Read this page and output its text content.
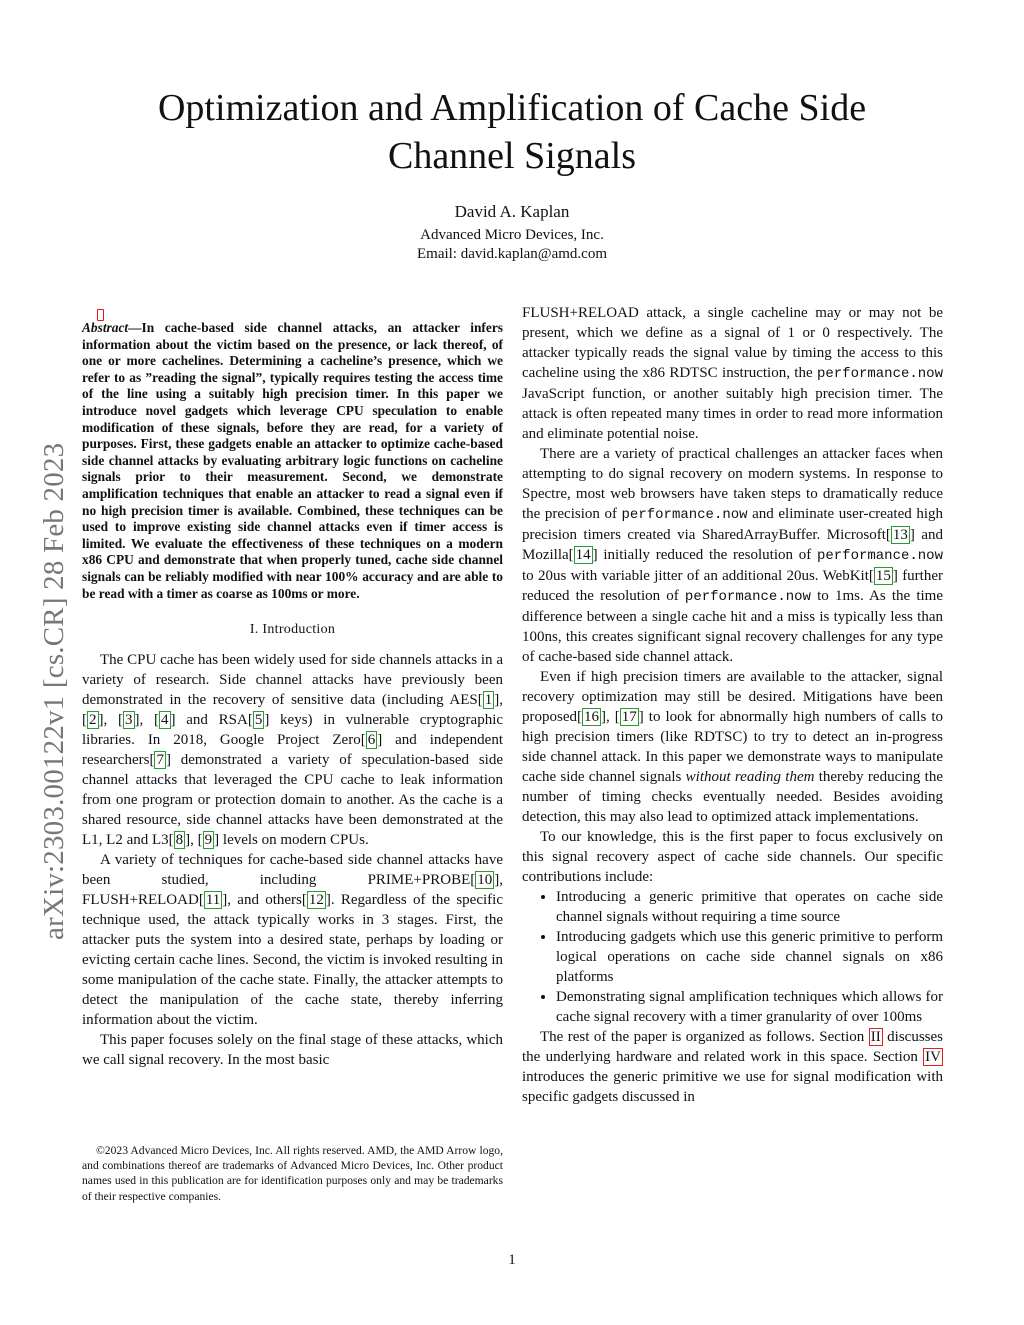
Optimization and Amplification of Cache Side
Channel Signals
David A. Kaplan
Advanced Micro Devices, Inc.
Email: david.kaplan@amd.com
arXiv:2303.00122v1 [cs.CR] 28 Feb 2023

Abstract—In cache-based side channel attacks, an attacker infers information about the victim based on the presence, or lack thereof, of one or more cachelines. Determining a cacheline’s presence, which we refer to as ”reading the signal”, typically requires testing the access time of the line using a suitably high precision timer. In this paper we introduce novel gadgets which leverage CPU speculation to enable modification of these signals, before they are read, for a variety of purposes. First, these gadgets enable an attacker to optimize cache-based side channel attacks by evaluating arbitrary logic functions on cacheline signals prior to their measurement. Second, we demonstrate amplification techniques that enable an attacker to read a signal even if no high precision timer is available. Combined, these techniques can be used to improve existing side channel attacks even if timer access is limited. We evaluate the effectiveness of these techniques on a modern x86 CPU and demonstrate that when properly tuned, cache side channel signals can be reliably modified with near 100% accuracy and are able to be read with a timer as coarse as 100ms or more.

I. Introduction

The CPU cache has been widely used for side channels attacks in a variety of research. Side channel attacks have previously been demonstrated in the recovery of sensitive data (including AES[ 1 ], [ 2 ], [ 3 ], [ 4 ] and RSA[ 5 ] keys) in vulnerable cryptographic libraries. In 2018, Google Project Zero[ 6 ] and independent researchers[ 7 ] demonstrated a variety of speculation-based side channel attacks that leveraged the CPU cache to leak information from one program or protection domain to another. As the cache is a shared resource, side channel attacks have been demonstrated at the L1, L2 and L3[ 8 ], [ 9 ] levels on modern CPUs.

A variety of techniques for cache-based side channel attacks have been studied, including PRIME+PROBE[ 10 ], FLUSH+RELOAD[ 11 ], and others[ 12 ]. Regardless of the specific technique used, the attack typically works in 3 stages. First, the attacker puts the system into a desired state, perhaps by loading or evicting certain cache lines. Second, the victim is invoked resulting in some manipulation of the cache state. Finally, the attacker attempts to detect the manipulation of the cache state, thereby inferring information about the victim.

This paper focuses solely on the final stage of these attacks, which we call signal recovery. In the most basic

©2023 Advanced Micro Devices, Inc. All rights reserved. AMD, the AMD Arrow logo, and combinations thereof are trademarks of Advanced Micro Devices, Inc. Other product names used in this publication are for identification purposes only and may be trademarks of their respective companies.

FLUSH+RELOAD attack, a single cacheline may or may not be present, which we define as a signal of 1 or 0 respectively. The attacker typically reads the signal value by timing the access to this cacheline using the x86 RDTSC instruction, the performance.now JavaScript function, or another suitably high precision timer. The attack is often repeated many times in order to read more information and eliminate potential noise.

There are a variety of practical challenges an attacker faces when attempting to do signal recovery on modern systems. In response to Spectre, most web browsers have taken steps to dramatically reduce the precision of performance.now and eliminate user-created high precision timers created via SharedArrayBuffer. Microsoft[ 13 ] and Mozilla[ 14 ] initially reduced the resolution of performance.now to 20us with variable jitter of an additional 20us. WebKit[ 15 ] further reduced the resolution of performance.now to 1ms. As the time difference between a single cache hit and a miss is typically less than 100ns, this creates significant signal recovery challenges for any type of cache-based side channel attack.

Even if high precision timers are available to the attacker, signal recovery optimization may still be desired. Mitigations have been proposed[ 16 ], [ 17 ] to look for abnormally high numbers of calls to high precision timers (like RDTSC) to try to detect an in-progress side channel attack. In this paper we demonstrate ways to manipulate cache side channel signals without reading them thereby reducing the number of timing checks eventually needed. Besides avoiding detection, this may also lead to optimized attack implementations.

To our knowledge, this is the first paper to focus exclusively on this signal recovery aspect of cache side channels. Our specific contributions include:

• Introducing a generic primitive that operates on cache side channel signals without requiring a time source
• Introducing gadgets which use this generic primitive to perform logical operations on cache side channel signals on x86 platforms
• Demonstrating signal amplification techniques which allows for cache signal recovery with a timer granularity of over 100ms

The rest of the paper is organized as follows. Section II discusses the underlying hardware and related work in this space. Section IV introduces the generic primitive we use for signal modification with specific gadgets discussed in

1
